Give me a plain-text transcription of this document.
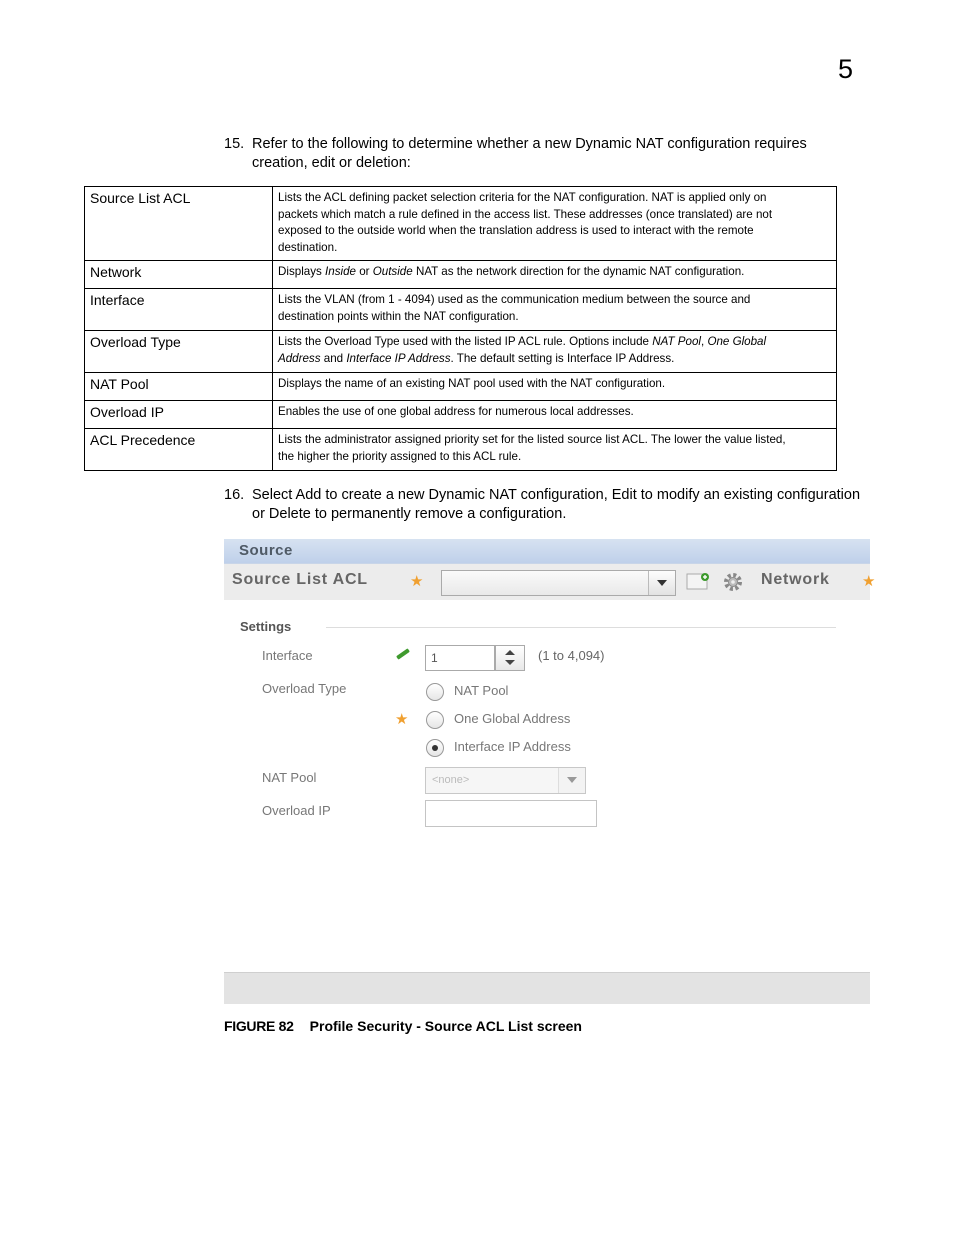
5
15. Refer to the following to determine whether a new Dynamic NAT configuration requires
creation, edit or deletion:
Source List ACL	Lists the ACL defining packet selection criteria for the NAT configuration. NAT is applied only on
packets which match a rule defined in the access list. These addresses (once translated) are not
exposed to the outside world when the translation address is used to interact with the remote
destination.

Network	Displays Inside or Outside NAT as the network direction for the dynamic NAT configuration.
Interface	Lists the VLAN (from 1 - 4094) used as the communication medium between the source and
destination points within the NAT configuration.

Overload Type	Lists the Overload Type used with the listed IP ACL rule. Options include NAT Pool, One Global
Address and Interface IP Address. The default setting is Interface IP Address.

NAT Pool	Displays the name of an existing NAT pool used with the NAT configuration.

Overload IP	Enables the use of one global address for numerous local addresses.

ACL Precedence	Lists the administrator assigned priority set for the listed source list ACL. The lower the value listed,
the higher the priority assigned to this ACL rule.
16. Select Add to create a new Dynamic NAT configuration, Edit to modify an existing configuration
or Delete to permanently remove a configuration.
Source
Source List ACL	★	Network ★
Settings
Interface	1	(1 to 4,094)
Overload Type	NAT Pool
★	One Global Address
Interface IP Address
NAT Pool	<none>
Overload IP
FIGURE 82 Profile Security - Source ACL List screen
